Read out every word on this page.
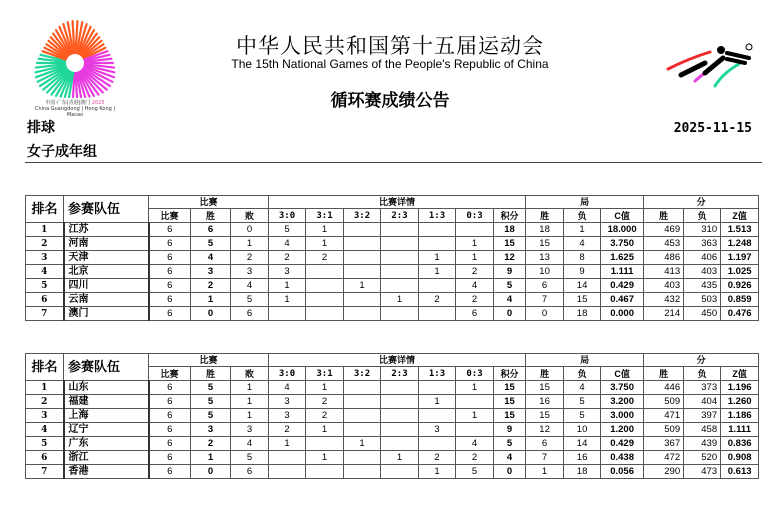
中国·广东|香港|澳门 2025
China Guangdong | Hong Kong | Macao
中华人民共和国第十五届运动会
The 15th National Games of the People's Republic of China
循环赛成绩公告
排球
女子成年组
2025-11-15
排名	参赛队伍	比赛			比赛详情							局			分		
		比赛	胜	败	3:0	3:1	3:2	2:3	1:3	0:3	积分	胜	负	C值	胜	负	Z值
1	江苏	6	6	0	5	1					18	18	1	18.000	469	310	1.513
2	河南	6	5	1	4	1				1	15	15	4	3.750	453	363	1.248
3	天津	6	4	2	2	2			1	1	12	13	8	1.625	486	406	1.197
4	北京	6	3	3	3				1	2	9	10	9	1.111	413	403	1.025
5	四川	6	2	4	1		1			4	5	6	14	0.429	403	435	0.926
6	云南	6	1	5	1			1	2	2	4	7	15	0.467	432	503	0.859
7	澳门	6	0	6						6	0	0	18	0.000	214	450	0.476
排名	参赛队伍	比赛			比赛详情							局			分		
		比赛	胜	败	3:0	3:1	3:2	2:3	1:3	0:3	积分	胜	负	C值	胜	负	Z值
1	山东	6	5	1	4	1				1	15	15	4	3.750	446	373	1.196
2	福建	6	5	1	3	2			1		15	16	5	3.200	509	404	1.260
3	上海	6	5	1	3	2				1	15	15	5	3.000	471	397	1.186
4	辽宁	6	3	3	2	1			3		9	12	10	1.200	509	458	1.111
5	广东	6	2	4	1		1			4	5	6	14	0.429	367	439	0.836
6	浙江	6	1	5		1		1	2	2	4	7	16	0.438	472	520	0.908
7	香港	6	0	6					1	5	0	1	18	0.056	290	473	0.613
